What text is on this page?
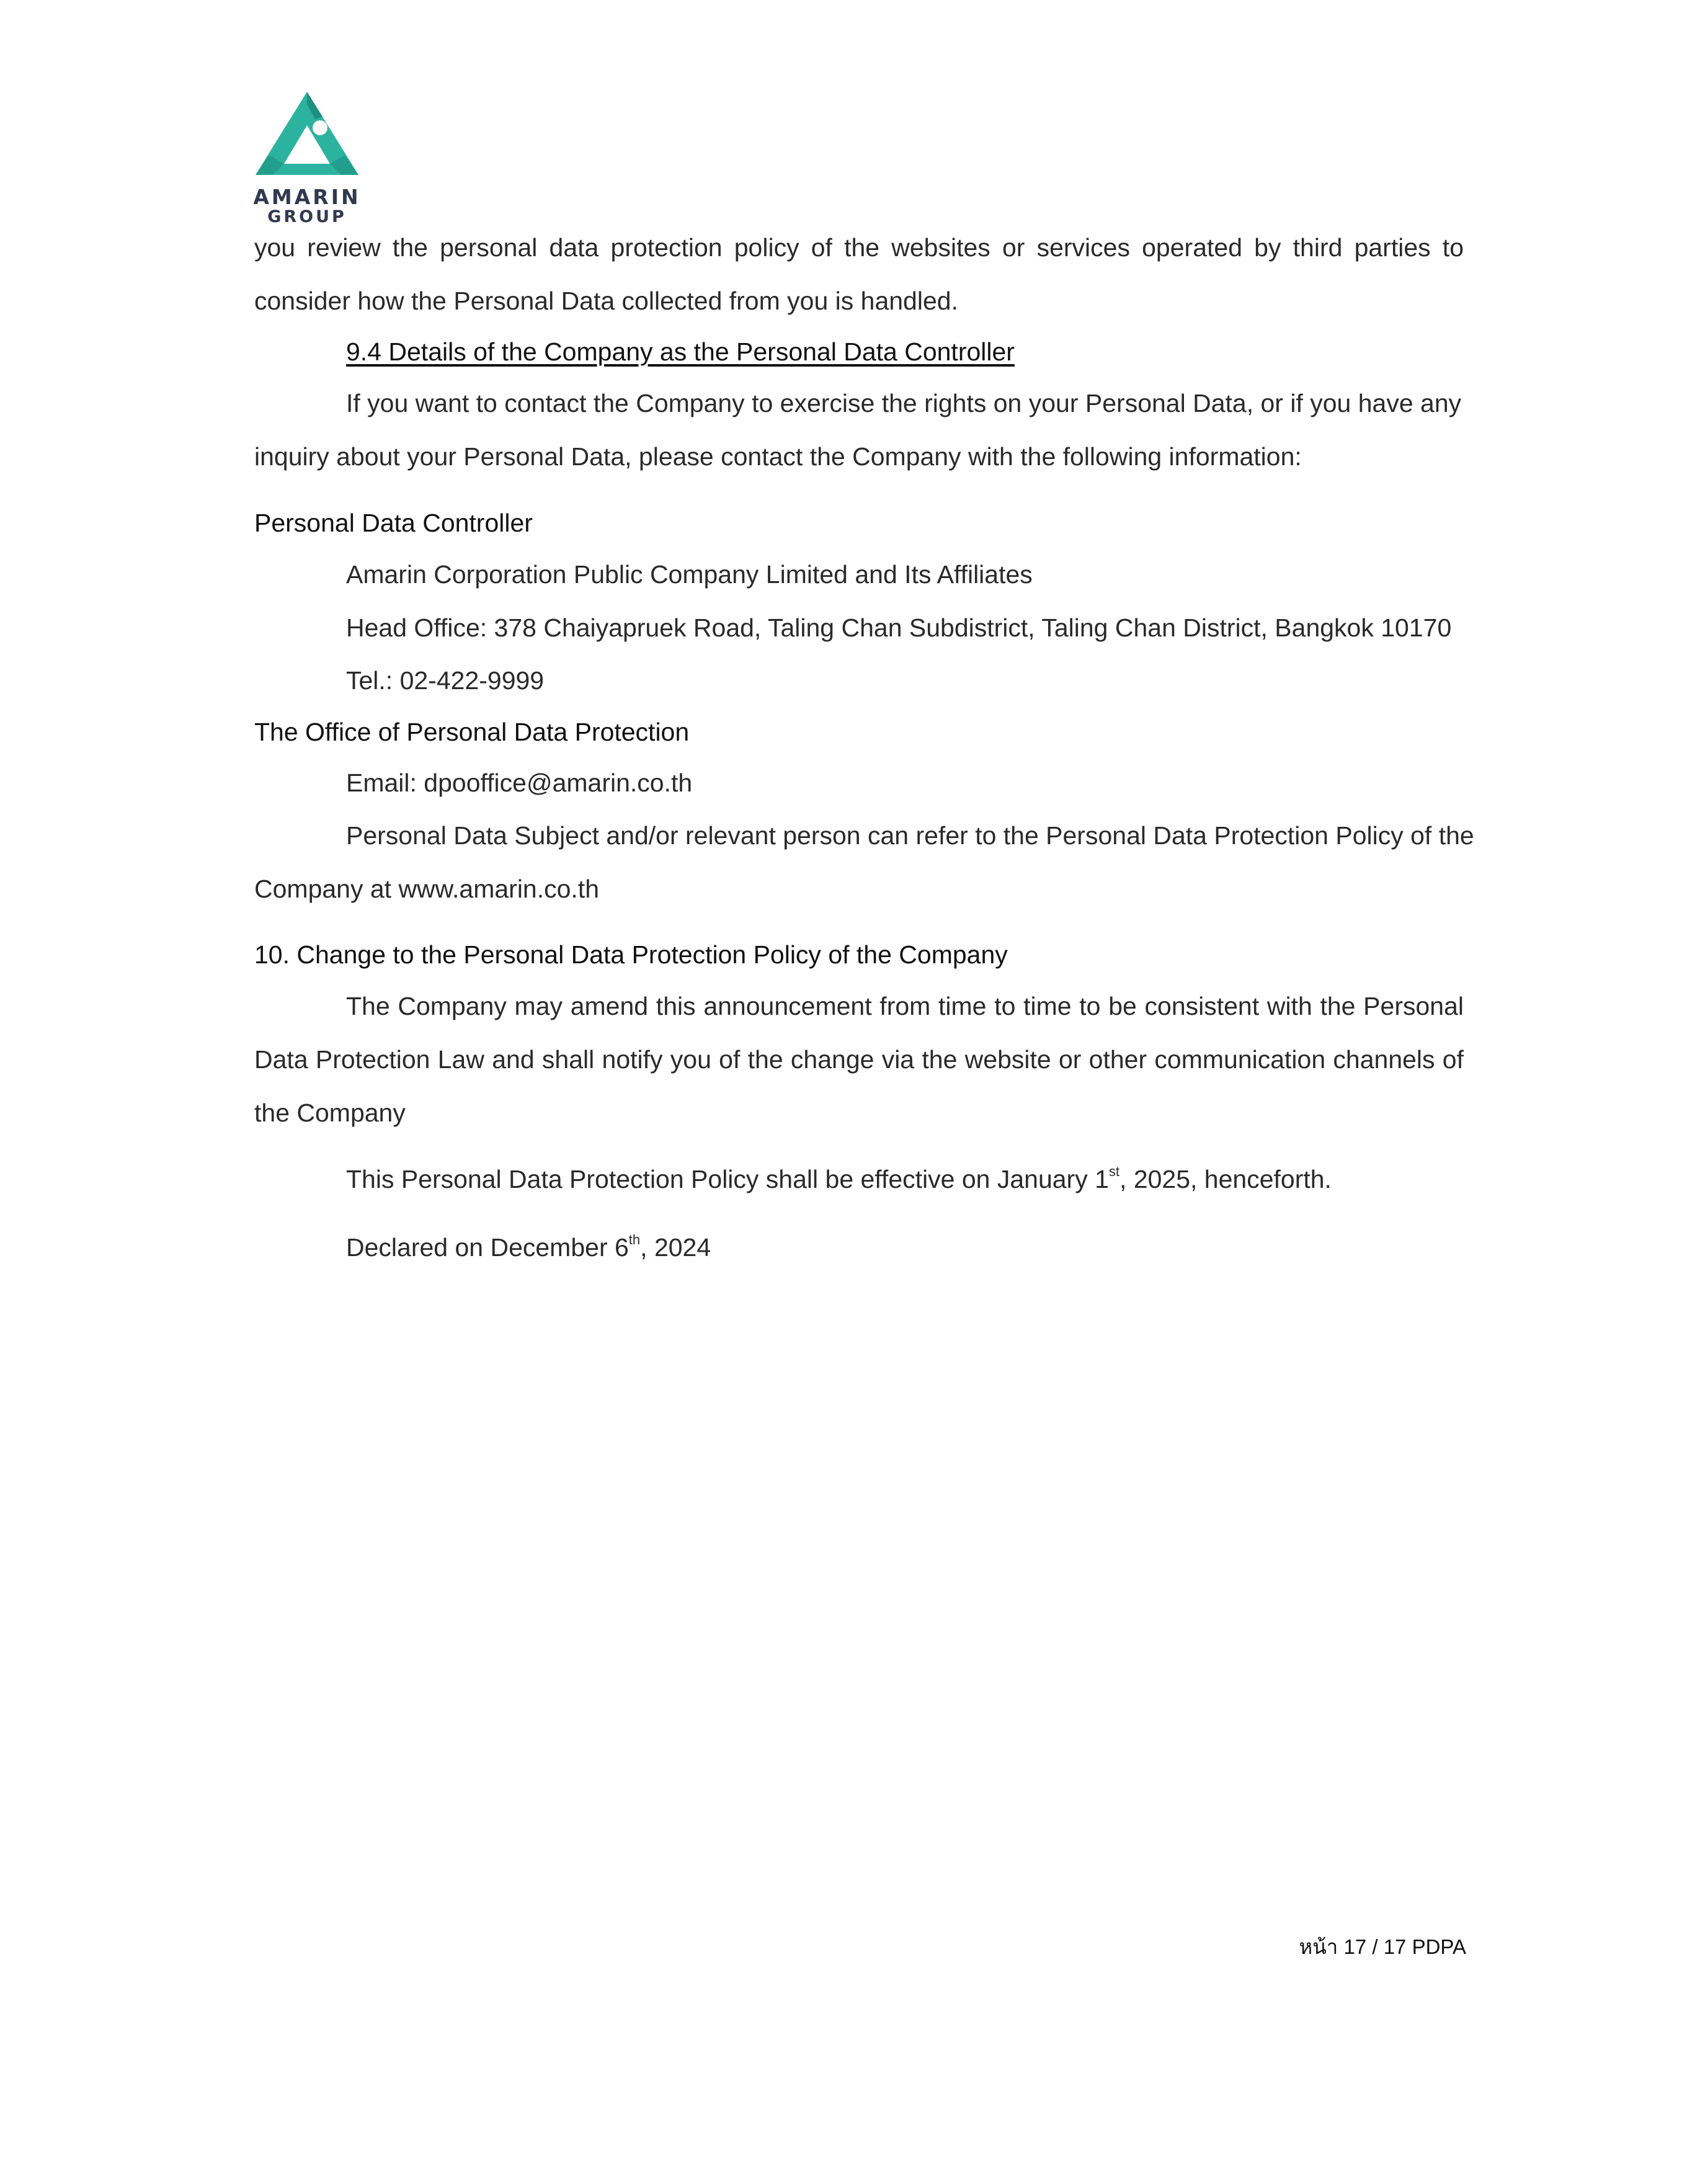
AMARIN
GROUP
you review the personal data protection policy of the websites or services operated by third parties to
consider how the Personal Data collected from you is handled.
9.4 Details of the Company as the Personal Data Controller
If you want to contact the Company to exercise the rights on your Personal Data, or if you have any
inquiry about your Personal Data, please contact the Company with the following information:
Personal Data Controller
Amarin Corporation Public Company Limited and Its Affiliates
Head Office: 378 Chaiyapruek Road, Taling Chan Subdistrict, Taling Chan District, Bangkok 10170
Tel.: 02-422-9999
The Office of Personal Data Protection
Email: dpooffice@amarin.co.th
Personal Data Subject and/or relevant person can refer to the Personal Data Protection Policy of the
Company at www.amarin.co.th
10. Change to the Personal Data Protection Policy of the Company
The Company may amend this announcement from time to time to be consistent with the Personal
Data Protection Law and shall notify you of the change via the website or other communication channels of
the Company
This Personal Data Protection Policy shall be effective on January 1st, 2025, henceforth.
Declared on December 6th, 2024
หน้า 17 / 17 PDPA
